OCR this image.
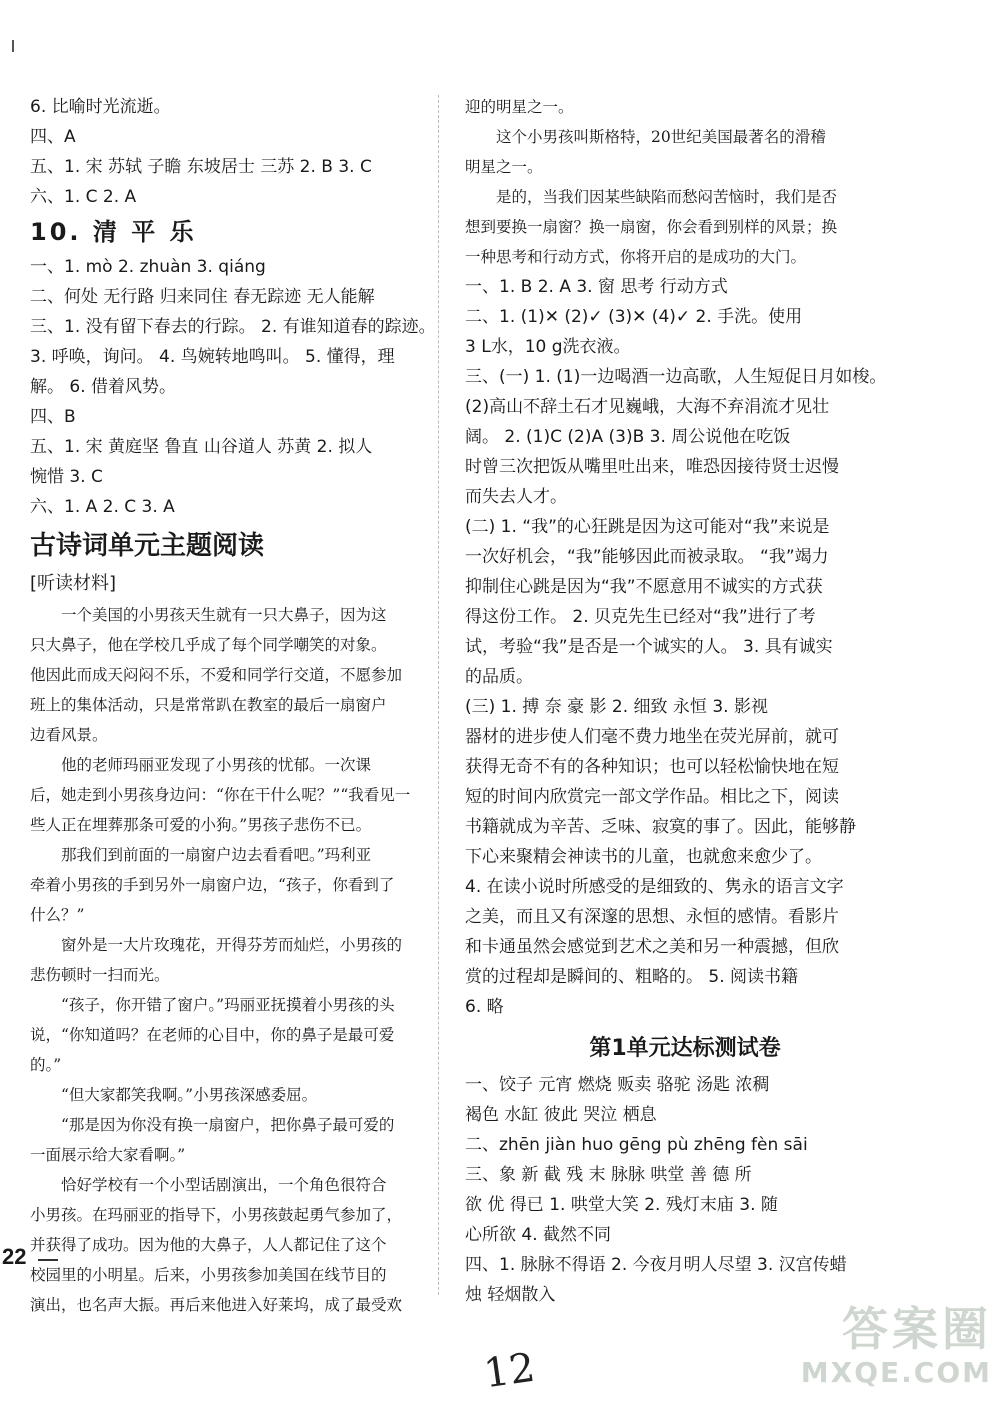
6. 比喻时光流逝。
四、A
五、1. 宋 苏轼 子瞻 东坡居士 三苏 2. B 3. C
六、1. C 2. A
10. 清 平 乐
一、1. mò 2. zhuàn 3. qiáng
二、何处 无行路 归来同住 春无踪迹 无人能解
三、1. 没有留下春去的行踪。 2. 有谁知道春的踪迹。
3. 呼唤，询问。 4. 鸟婉转地鸣叫。 5. 懂得，理
解。 6. 借着风势。
四、B
五、1. 宋 黄庭坚 鲁直 山谷道人 苏黄 2. 拟人
惋惜 3. C
六、1. A 2. C 3. A
古诗词单元主题阅读
[听读材料]
一个美国的小男孩天生就有一只大鼻子，因为这
只大鼻子，他在学校几乎成了每个同学嘲笑的对象。
他因此而成天闷闷不乐，不爱和同学行交道，不愿参加
班上的集体活动，只是常常趴在教室的最后一扇窗户
边看风景。
他的老师玛丽亚发现了小男孩的忧郁。一次课
后，她走到小男孩身边问：“你在干什么呢？”“我看见一
些人正在埋葬那条可爱的小狗。”男孩子悲伤不已。
那我们到前面的一扇窗户边去看看吧。”玛利亚
牵着小男孩的手到另外一扇窗户边，“孩子，你看到了
什么？”
窗外是一大片玫瑰花，开得芬芳而灿烂，小男孩的
悲伤顿时一扫而光。
“孩子，你开错了窗户。”玛丽亚抚摸着小男孩的头
说，“你知道吗？在老师的心目中，你的鼻子是最可爱
的。”
“但大家都笑我啊。”小男孩深感委屈。
“那是因为你没有换一扇窗户，把你鼻子最可爱的
一面展示给大家看啊。”
恰好学校有一个小型话剧演出，一个角色很符合
小男孩。在玛丽亚的指导下，小男孩鼓起勇气参加了，
并获得了成功。因为他的大鼻子，人人都记住了这个
校园里的小明星。后来，小男孩参加美国在线节目的
演出，也名声大振。再后来他进入好莱坞，成了最受欢
迎的明星之一。
这个小男孩叫斯格特，20世纪美国最著名的滑稽
明星之一。
是的，当我们因某些缺陷而愁闷苦恼时，我们是否
想到要换一扇窗？换一扇窗，你会看到别样的风景；换
一种思考和行动方式，你将开启的是成功的大门。
一、1. B 2. A 3. 窗 思考 行动方式
二、1. (1)✕ (2)✓ (3)✕ (4)✓ 2. 手洗。使用
3 L水，10 g洗衣液。
三、(一) 1. (1)一边喝酒一边高歌，人生短促日月如梭。
(2)高山不辞土石才见巍峨，大海不弃涓流才见壮
阔。 2. (1)C (2)A (3)B 3. 周公说他在吃饭
时曾三次把饭从嘴里吐出来，唯恐因接待贤士迟慢
而失去人才。
(二) 1. “我”的心狂跳是因为这可能对“我”来说是
一次好机会，“我”能够因此而被录取。 “我”竭力
抑制住心跳是因为“我”不愿意用不诚实的方式获
得这份工作。 2. 贝克先生已经对“我”进行了考
试，考验“我”是否是一个诚实的人。 3. 具有诚实
的品质。
(三) 1. 搏 奈 豪 影 2. 细致 永恒 3. 影视
器材的进步使人们毫不费力地坐在荧光屏前，就可
获得无奇不有的各种知识；也可以轻松愉快地在短
短的时间内欣赏完一部文学作品。相比之下，阅读
书籍就成为辛苦、乏味、寂寞的事了。因此，能够静
下心来聚精会神读书的儿童，也就愈来愈少了。
4. 在读小说时所感受的是细致的、隽永的语言文字
之美，而且又有深邃的思想、永恒的感情。看影片
和卡通虽然会感觉到艺术之美和另一种震撼，但欣
赏的过程却是瞬间的、粗略的。 5. 阅读书籍
6. 略
第1单元达标测试卷
一、饺子 元宵 燃烧 贩卖 骆驼 汤匙 浓稠
褐色 水缸 彼此 哭泣 栖息
二、zhēn jiàn huo gēng pù zhēng fèn sāi
三、象 新 截 残 末 脉脉 哄堂 善 德 所
欲 优 得已 1. 哄堂大笑 2. 残灯末庙 3. 随
心所欲 4. 截然不同
四、1. 脉脉不得语 2. 今夜月明人尽望 3. 汉宫传蜡
烛 轻烟散入
22
12
答案圈
MXQE.COM
